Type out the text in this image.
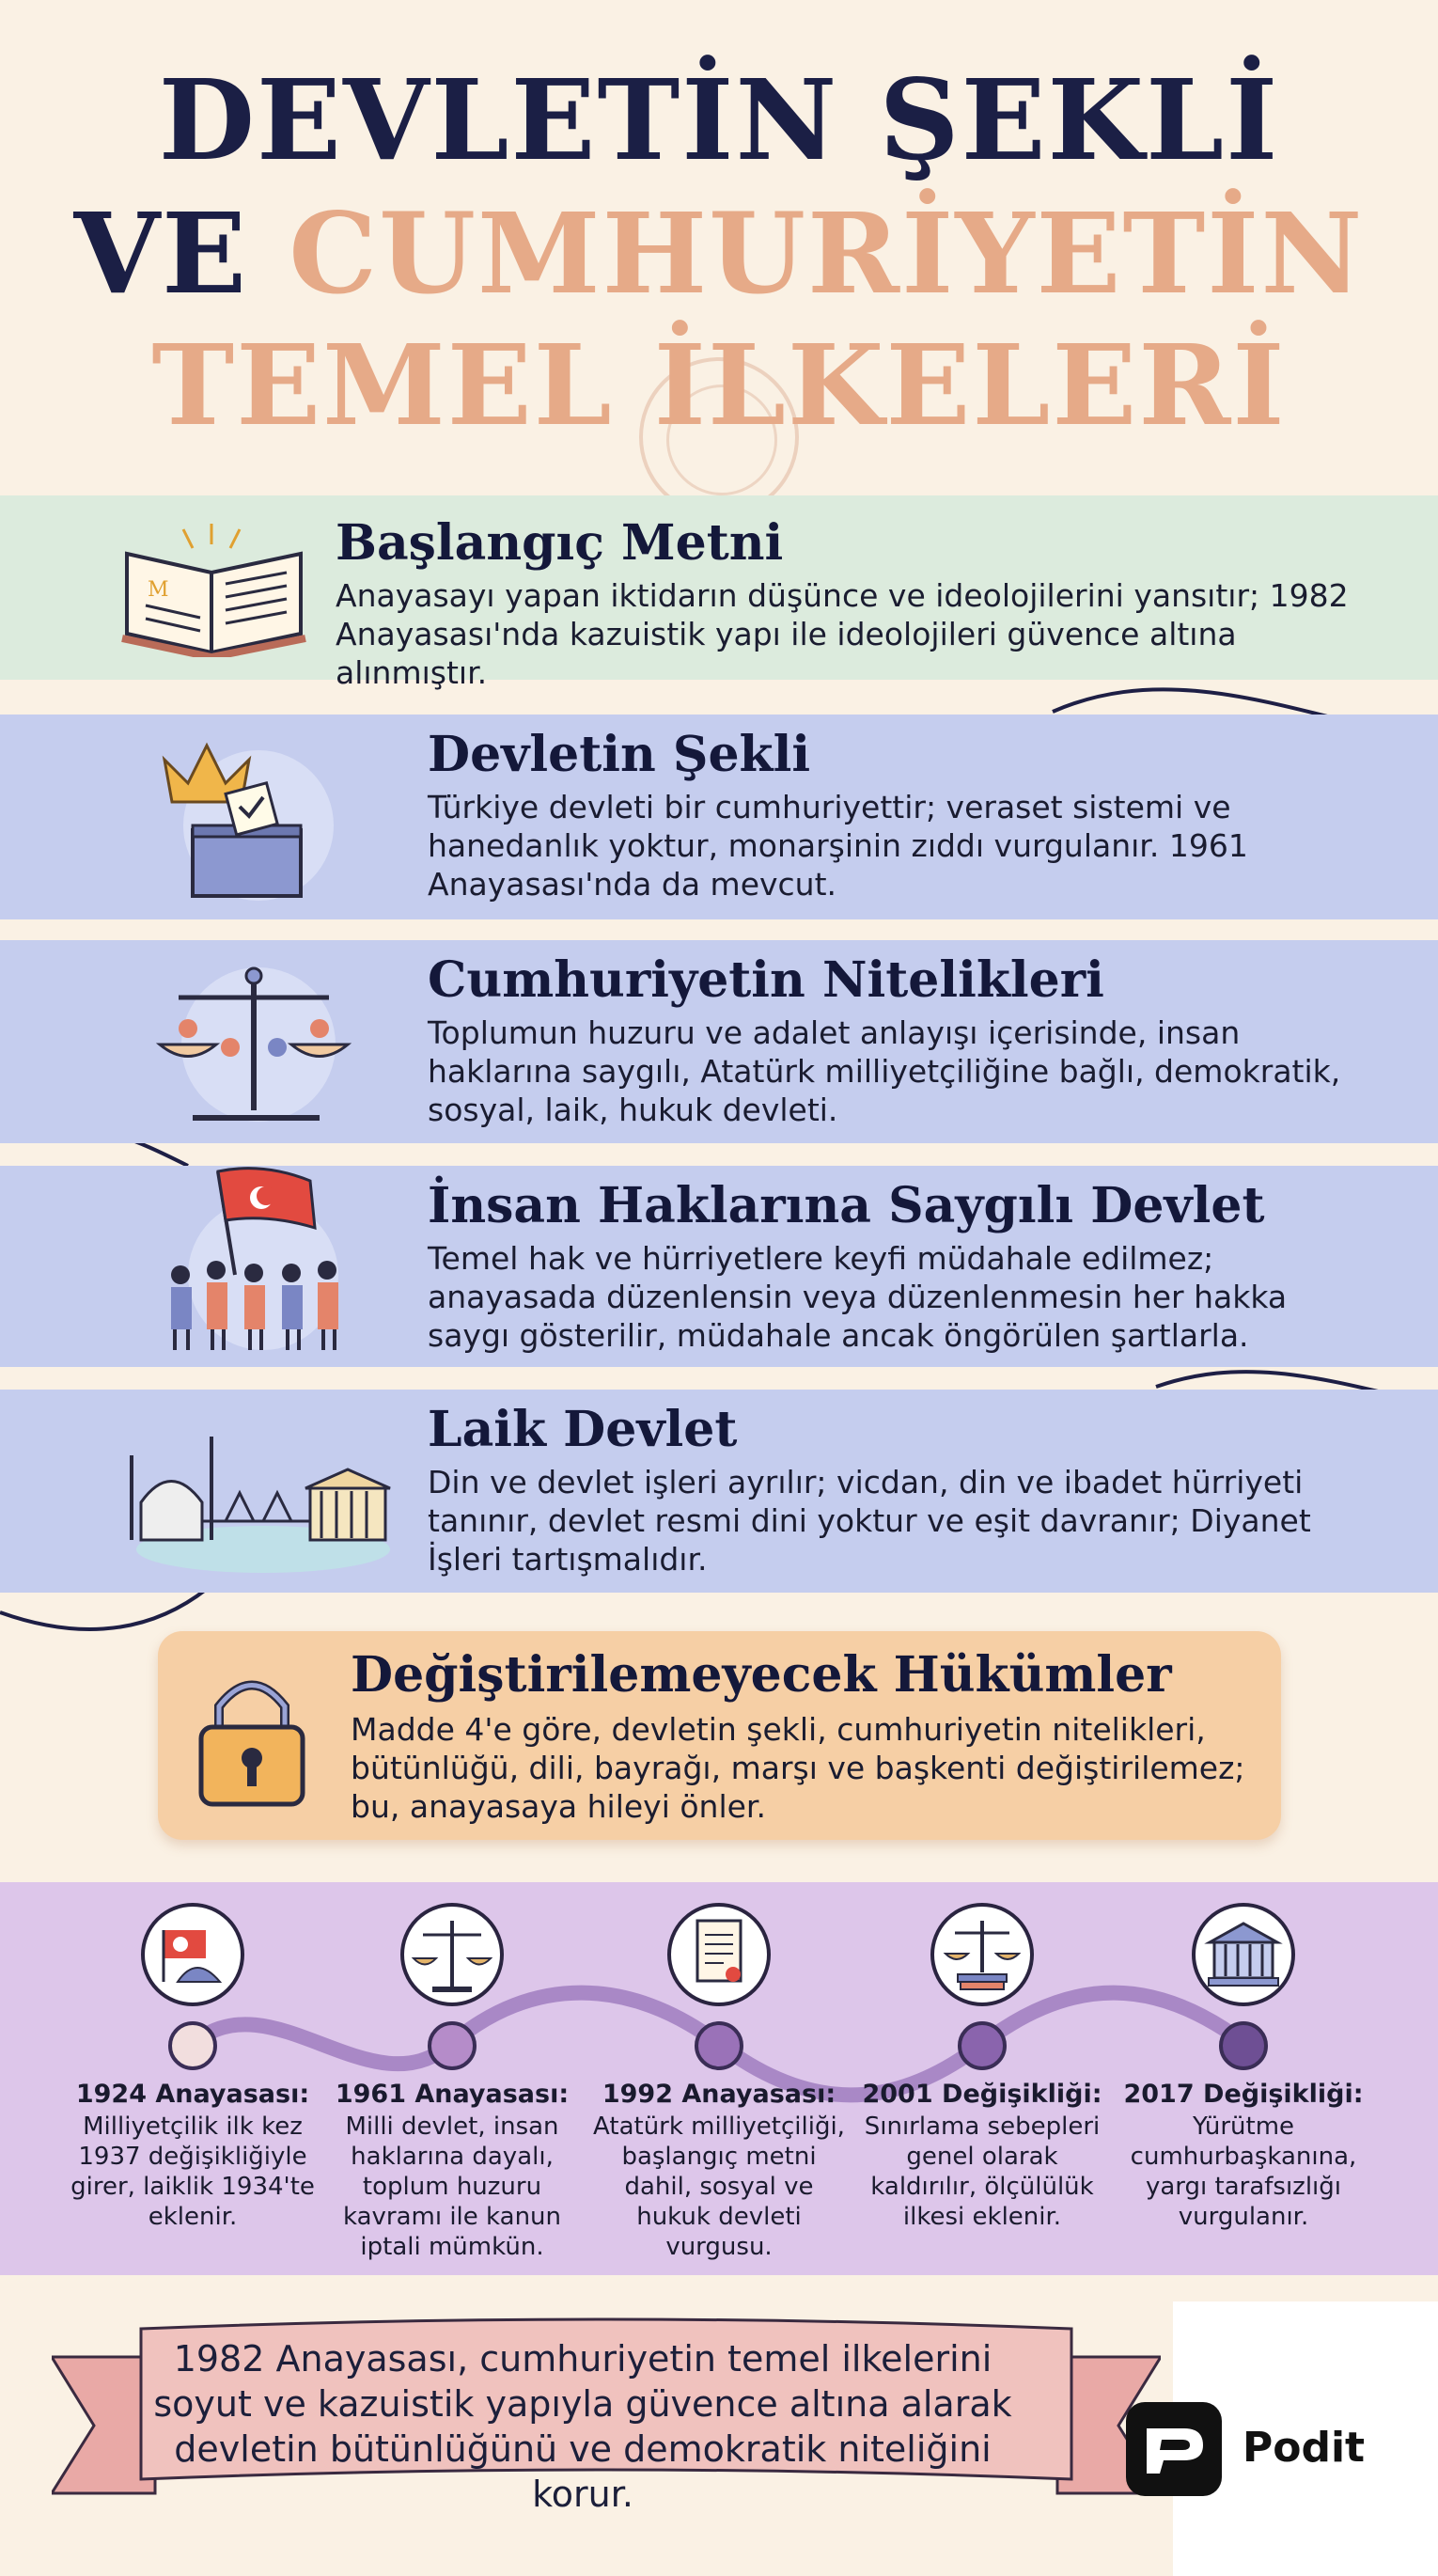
DEVLETİN ŞEKLİ
VE CUMHURİYETİN
TEMEL İLKELERİ
M
Başlangıç Metni

Anayasayı yapan iktidarın düşünce ve ideolojilerini yansıtır; 1982 Anayasası'nda kazuistik yapı ile ideolojileri güvence altına alınmıştır.

Devletin Şekli

Türkiye devleti bir cumhuriyettir; veraset sistemi ve hanedanlık yoktur, monarşinin zıddı vurgulanır. 1961 Anayasası'nda da mevcut.

Cumhuriyetin Nitelikleri

Toplumun huzuru ve adalet anlayışı içerisinde, insan haklarına saygılı, Atatürk milliyetçiliğine bağlı, demokratik, sosyal, laik, hukuk devleti.

İnsan Haklarına Saygılı Devlet

Temel hak ve hürriyetlere keyfi müdahale edilmez; anayasada düzenlensin veya düzenlenmesin her hakka saygı gösterilir, müdahale ancak öngörülen şartlarla.

Laik Devlet

Din ve devlet işleri ayrılır; vicdan, din ve ibadet hürriyeti tanınır, devlet resmi dini yoktur ve eşit davranır; Diyanet İşleri tartışmalıdır.

Değiştirilemeyecek Hükümler

Madde 4'e göre, devletin şekli, cumhuriyetin nitelikleri, bütünlüğü, dili, bayrağı, marşı ve başkenti değiştirilemez; bu, anayasaya hileyi önler.

1924 Anayasası:
Milliyetçilik ilk kez 1937 değişikliğiyle girer, laiklik 1934'te eklenir.
1961 Anayasası:
Milli devlet, insan haklarına dayalı, toplum huzuru kavramı ile kanun iptali mümkün.
1992 Anayasası:
Atatürk milliyetçiliği, başlangıç metni dahil, sosyal ve hukuk devleti vurgusu.
2001 Değişikliği:
Sınırlama sebepleri genel olarak kaldırılır, ölçülülük ilkesi eklenir.
2017 Değişikliği:
Yürütme cumhurbaşkanına, yargı tarafsızlığı vurgulanır.
1982 Anayasası, cumhuriyetin temel ilkelerini soyut ve kazuistik yapıyla güvence altına alarak devletin bütünlüğünü ve demokratik niteliğini korur.
Podit
